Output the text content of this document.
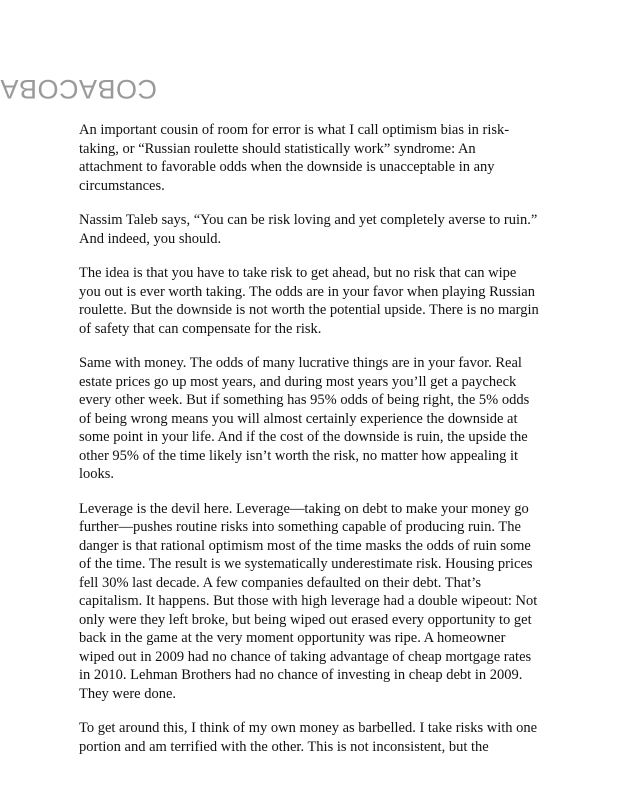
COBACOBA

An important cousin of room for error is what I call optimism bias in risk-taking, or “Russian roulette should statistically work” syndrome: An attachment to favorable odds when the downside is unacceptable in any circumstances.

Nassim Taleb says, “You can be risk loving and yet completely averse to ruin.” And indeed, you should.

The idea is that you have to take risk to get ahead, but no risk that can wipe you out is ever worth taking. The odds are in your favor when playing Russian roulette. But the downside is not worth the potential upside. There is no margin of safety that can compensate for the risk.

Same with money. The odds of many lucrative things are in your favor. Real estate prices go up most years, and during most years you’ll get a paycheck every other week. But if something has 95% odds of being right, the 5% odds of being wrong means you will almost certainly experience the downside at some point in your life. And if the cost of the downside is ruin, the upside the other 95% of the time likely isn’t worth the risk, no matter how appealing it looks.

Leverage is the devil here. Leverage—taking on debt to make your money go further—pushes routine risks into something capable of producing ruin. The danger is that rational optimism most of the time masks the odds of ruin some of the time. The result is we systematically underestimate risk. Housing prices fell 30% last decade. A few companies defaulted on their debt. That’s capitalism. It happens. But those with high leverage had a double wipeout: Not only were they left broke, but being wiped out erased every opportunity to get back in the game at the very moment opportunity was ripe. A homeowner wiped out in 2009 had no chance of taking advantage of cheap mortgage rates in 2010. Lehman Brothers had no chance of investing in cheap debt in 2009. They were done.

To get around this, I think of my own money as barbelled. I take risks with one portion and am terrified with the other. This is not inconsistent, but the
